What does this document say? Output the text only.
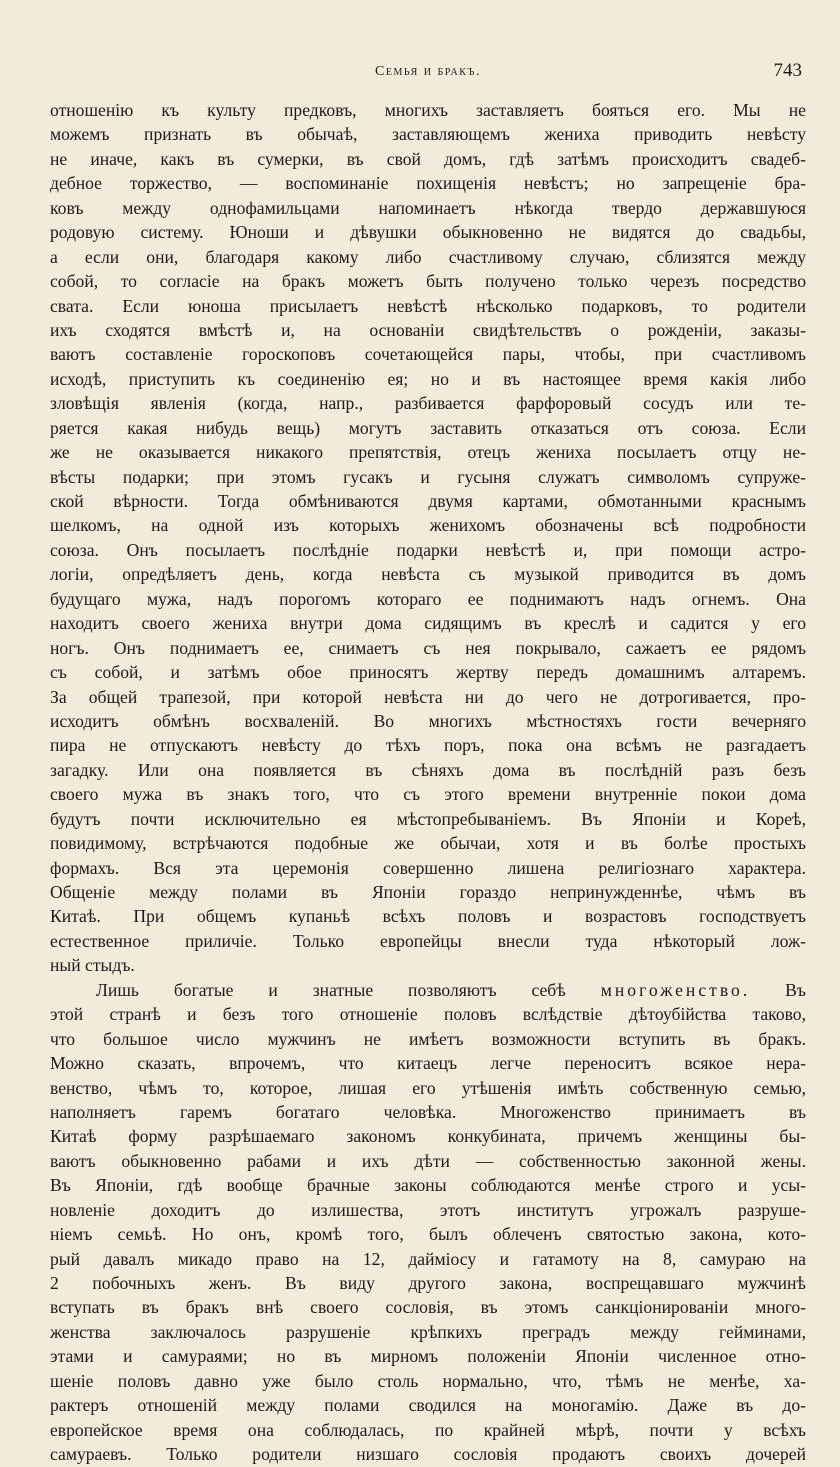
Семья и бракъ.	743
отношенію къ культу предковъ, многихъ заставляетъ бояться его. Мы не
можемъ признать въ обычаѣ, заставляющемъ жениха приводить невѣсту
не иначе, какъ въ сумерки, въ свой домъ, гдѣ затѣмъ происходитъ свадеб-
дебное торжество, — воспоминаніе похищенія невѣстъ; но запрещеніе бра-
ковъ между однофамильцами напоминаетъ нѣкогда твердо державшуюся
родовую систему. Юноши и дѣвушки обыкновенно не видятся до свадьбы,
а если они, благодаря какому либо счастливому случаю, сблизятся между
собой, то согласіе на бракъ можетъ быть получено только черезъ посредство
свата. Если юноша присылаетъ невѣстѣ нѣсколько подарковъ, то родители
ихъ сходятся вмѣстѣ и, на основаніи свидѣтельствъ о рожденіи, заказы-
ваютъ составленіе гороскоповъ сочетающейся пары, чтобы, при счастливомъ
исходѣ, приступить къ соединенію ея; но и въ настоящее время какія либо
зловѣщія явленія (когда, напр., разбивается фарфоровый сосудъ или те-
ряется какая нибудь вещь) могутъ заставить отказаться отъ союза. Если
же не оказывается никакого препятствія, отецъ жениха посылаетъ отцу не-
вѣсты подарки; при этомъ гусакъ и гусыня служатъ символомъ супруже-
ской вѣрности. Тогда обмѣниваются двумя картами, обмотанными краснымъ
шелкомъ, на одной изъ которыхъ женихомъ обозначены всѣ подробности
союза. Онъ посылаетъ послѣдніе подарки невѣстѣ и, при помощи астро-
логіи, опредѣляетъ день, когда невѣста съ музыкой приводится въ домъ
будущаго мужа, надъ порогомъ котораго ее поднимаютъ надъ огнемъ. Она
находитъ своего жениха внутри дома сидящимъ въ креслѣ и садится у его
ногъ. Онъ поднимаетъ ее, снимаетъ съ нея покрывало, сажаетъ ее рядомъ
съ собой, и затѣмъ обое приносятъ жертву передъ домашнимъ алтаремъ.
За общей трапезой, при которой невѣста ни до чего не дотрогивается, про-
исходитъ обмѣнъ восхваленій. Во многихъ мѣстностяхъ гости вечерняго
пира не отпускаютъ невѣсту до тѣхъ поръ, пока она всѣмъ не разгадаетъ
загадку. Или она появляется въ сѣняхъ дома въ послѣдній разъ безъ
своего мужа въ знакъ того, что съ этого времени внутренніе покои дома
будутъ почти исключительно ея мѣстопребываніемъ. Въ Японіи и Кореѣ,
повидимому, встрѣчаются подобные же обычаи, хотя и въ болѣе простыхъ
формахъ. Вся эта церемонія совершенно лишена религіознаго характера.
Общеніе между полами въ Японіи гораздо непринужденнѣе, чѣмъ въ
Китаѣ. При общемъ купаньѣ всѣхъ половъ и возрастовъ господствуетъ
естественное приличіе. Только европейцы внесли туда нѣкоторый лож-
ный стыдъ.
Лишь богатые и знатные позволяютъ себѣ многоженство. Въ
этой странѣ и безъ того отношеніе половъ вслѣдствіе дѣтоубійства таково,
что большое число мужчинъ не имѣетъ возможности вступить въ бракъ.
Можно сказать, впрочемъ, что китаецъ легче переноситъ всякое нера-
венство, чѣмъ то, которое, лишая его утѣшенія имѣть собственную семью,
наполняетъ гаремъ богатаго человѣка. Многоженство принимаетъ въ
Китаѣ форму разрѣшаемаго закономъ конкубината, причемъ женщины бы-
ваютъ обыкновенно рабами и ихъ дѣти — собственностью законной жены.
Въ Японіи, гдѣ вообще брачные законы соблюдаются менѣе строго и усы-
новленіе доходитъ до излишества, этотъ институтъ угрожалъ разруше-
ніемъ семьѣ. Но онъ, кромѣ того, былъ облеченъ святостью закона, кото-
рый давалъ микадо право на 12, дайміосу и гатамоту на 8, самураю на
2 побочныхъ женъ. Въ виду другого закона, воспрещавшаго мужчинѣ
вступать въ бракъ внѣ своего сословія, въ этомъ санкціонированіи много-
женства заключалось разрушеніе крѣпкихъ преградъ между гейминами,
этами и самураями; но въ мирномъ положеніи Японіи численное отно-
шеніе половъ давно уже было столь нормально, что, тѣмъ не менѣе, ха-
рактеръ отношеній между полами сводился на моногамію. Даже въ до-
европейское время она соблюдалась, по крайней мѣрѣ, почти у всѣхъ
самураевъ. Только родители низшаго сословія продаютъ своихъ дочерей
